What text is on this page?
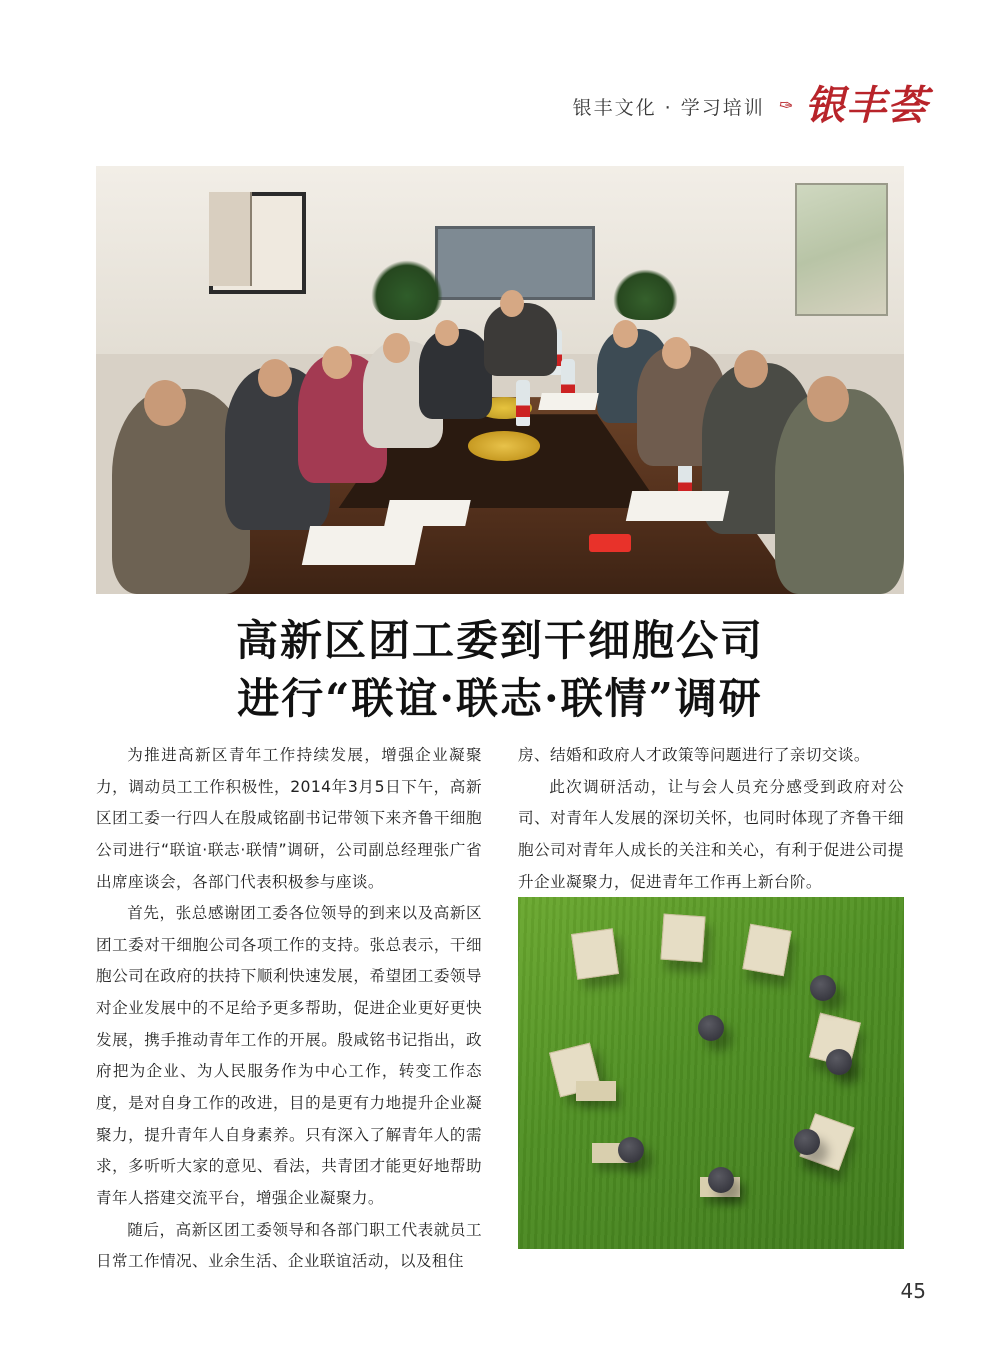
银丰文化 · 学习培训 ✑ 银丰荟
高新区团工委到干细胞公司
进行“联谊·联志·联情”调研

为推进高新区青年工作持续发展，增强企业凝聚力，调动员工工作积极性，2014年3月5日下午，高新区团工委一行四人在殷咸铭副书记带领下来齐鲁干细胞公司进行“联谊·联志·联情”调研，公司副总经理张广省出席座谈会，各部门代表积极参与座谈。

首先，张总感谢团工委各位领导的到来以及高新区团工委对干细胞公司各项工作的支持。张总表示，干细胞公司在政府的扶持下顺利快速发展，希望团工委领导对企业发展中的不足给予更多帮助，促进企业更好更快发展，携手推动青年工作的开展。殷咸铭书记指出，政府把为企业、为人民服务作为中心工作，转变工作态度，是对自身工作的改进，目的是更有力地提升企业凝聚力，提升青年人自身素养。只有深入了解青年人的需求，多听听大家的意见、看法，共青团才能更好地帮助青年人搭建交流平台，增强企业凝聚力。

随后，高新区团工委领导和各部门职工代表就员工日常工作情况、业余生活、企业联谊活动，以及租住

房、结婚和政府人才政策等问题进行了亲切交谈。

此次调研活动，让与会人员充分感受到政府对公司、对青年人发展的深切关怀，也同时体现了齐鲁干细胞公司对青年人成长的关注和关心，有利于促进公司提升企业凝聚力，促进青年工作再上新台阶。

45
